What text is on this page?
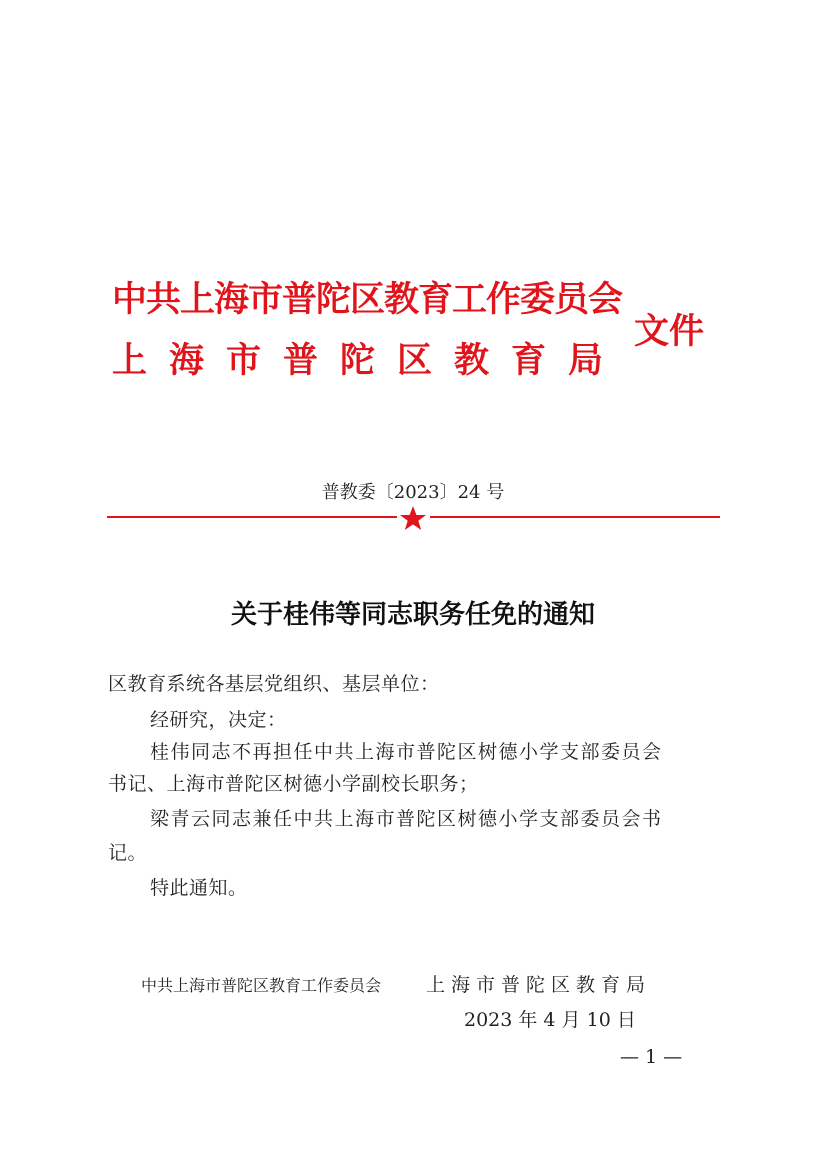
中共上海市普陀区教育工作委员会
上海市普陀区教育局
文件
普教委〔2023〕24 号
关于桂伟等同志职务任免的通知
区教育系统各基层党组织、基层单位：
经研究，决定：
桂伟同志不再担任中共上海市普陀区树德小学支部委员会
书记、上海市普陀区树德小学副校长职务；
梁青云同志兼任中共上海市普陀区树德小学支部委员会书
记。
特此通知。
中共上海市普陀区教育工作委员会 上海市普陀区教育局
2023 年 4 月 10 日
— 1 —
